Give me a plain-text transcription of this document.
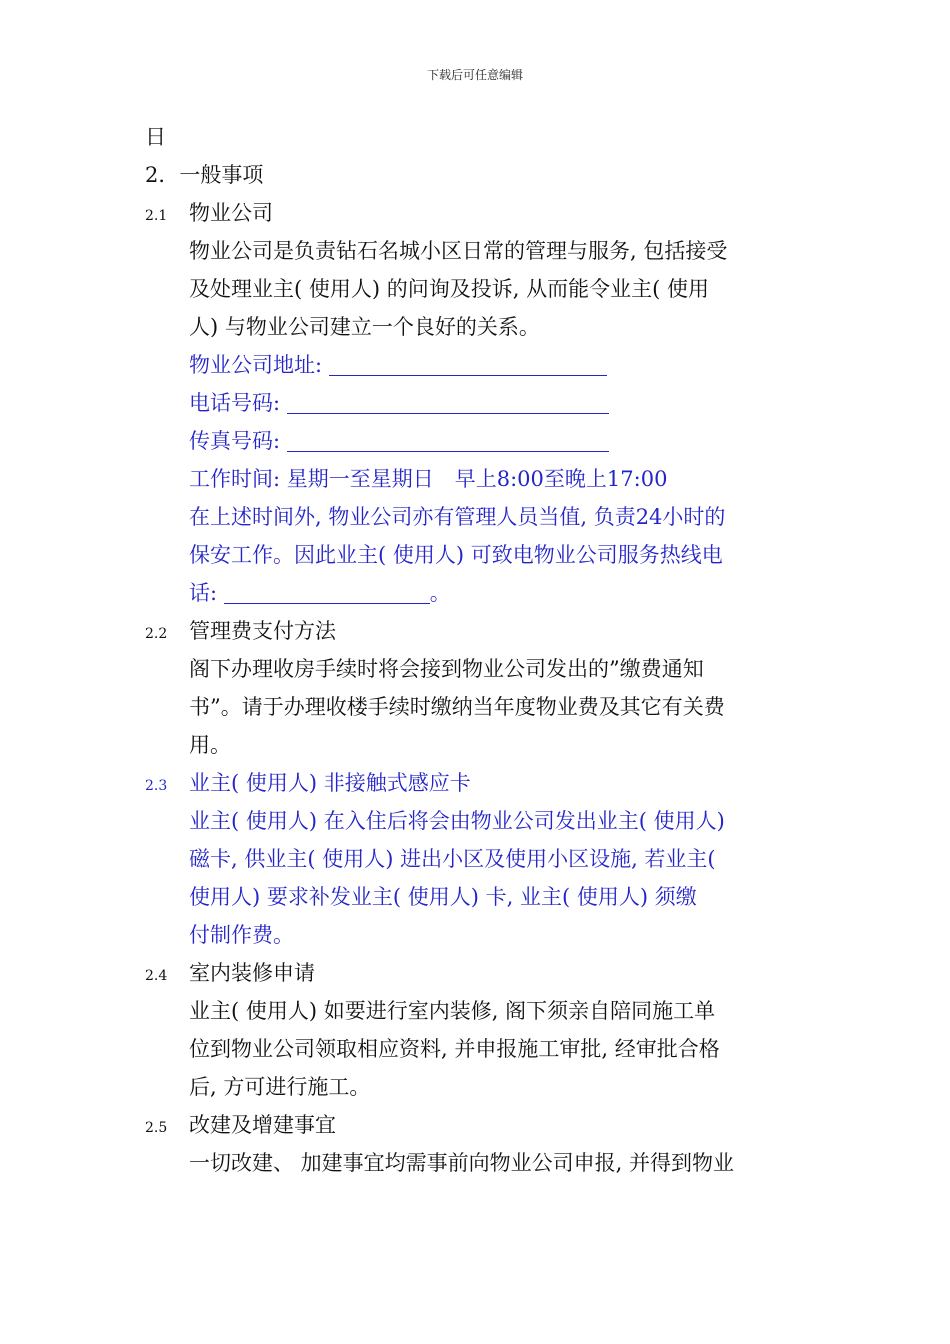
下载后可任意编辑
日
2．一般事项
2.1 物业公司
物业公司是负责钻石名城小区日常的管理与服务, 包括接受
及处理业主( 使用人) 的问询及投诉, 从而能令业主( 使用
人) 与物业公司建立一个良好的关系。
物业公司地址:
电话号码:
传真号码:
工作时间: 星期一至星期日　早上8:00至晚上17:00
在上述时间外, 物业公司亦有管理人员当值, 负责24小时的
保安工作。因此业主( 使用人) 可致电物业公司服务热线电
话:	。
2.2 管理费支付方法
阁下办理收房手续时将会接到物业公司发出的”缴费通知
书”。请于办理收楼手续时缴纳当年度物业费及其它有关费
用。
2.3 业主( 使用人) 非接触式感应卡
业主( 使用人) 在入住后将会由物业公司发出业主( 使用人)
磁卡, 供业主( 使用人) 进出小区及使用小区设施, 若业主(
使用人) 要求补发业主( 使用人) 卡, 业主( 使用人) 须缴
付制作费。
2.4 室内装修申请
业主( 使用人) 如要进行室内装修, 阁下须亲自陪同施工单
位到物业公司领取相应资料, 并申报施工审批, 经审批合格
后, 方可进行施工。
2.5 改建及增建事宜
一切改建、 加建事宜均需事前向物业公司申报, 并得到物业
